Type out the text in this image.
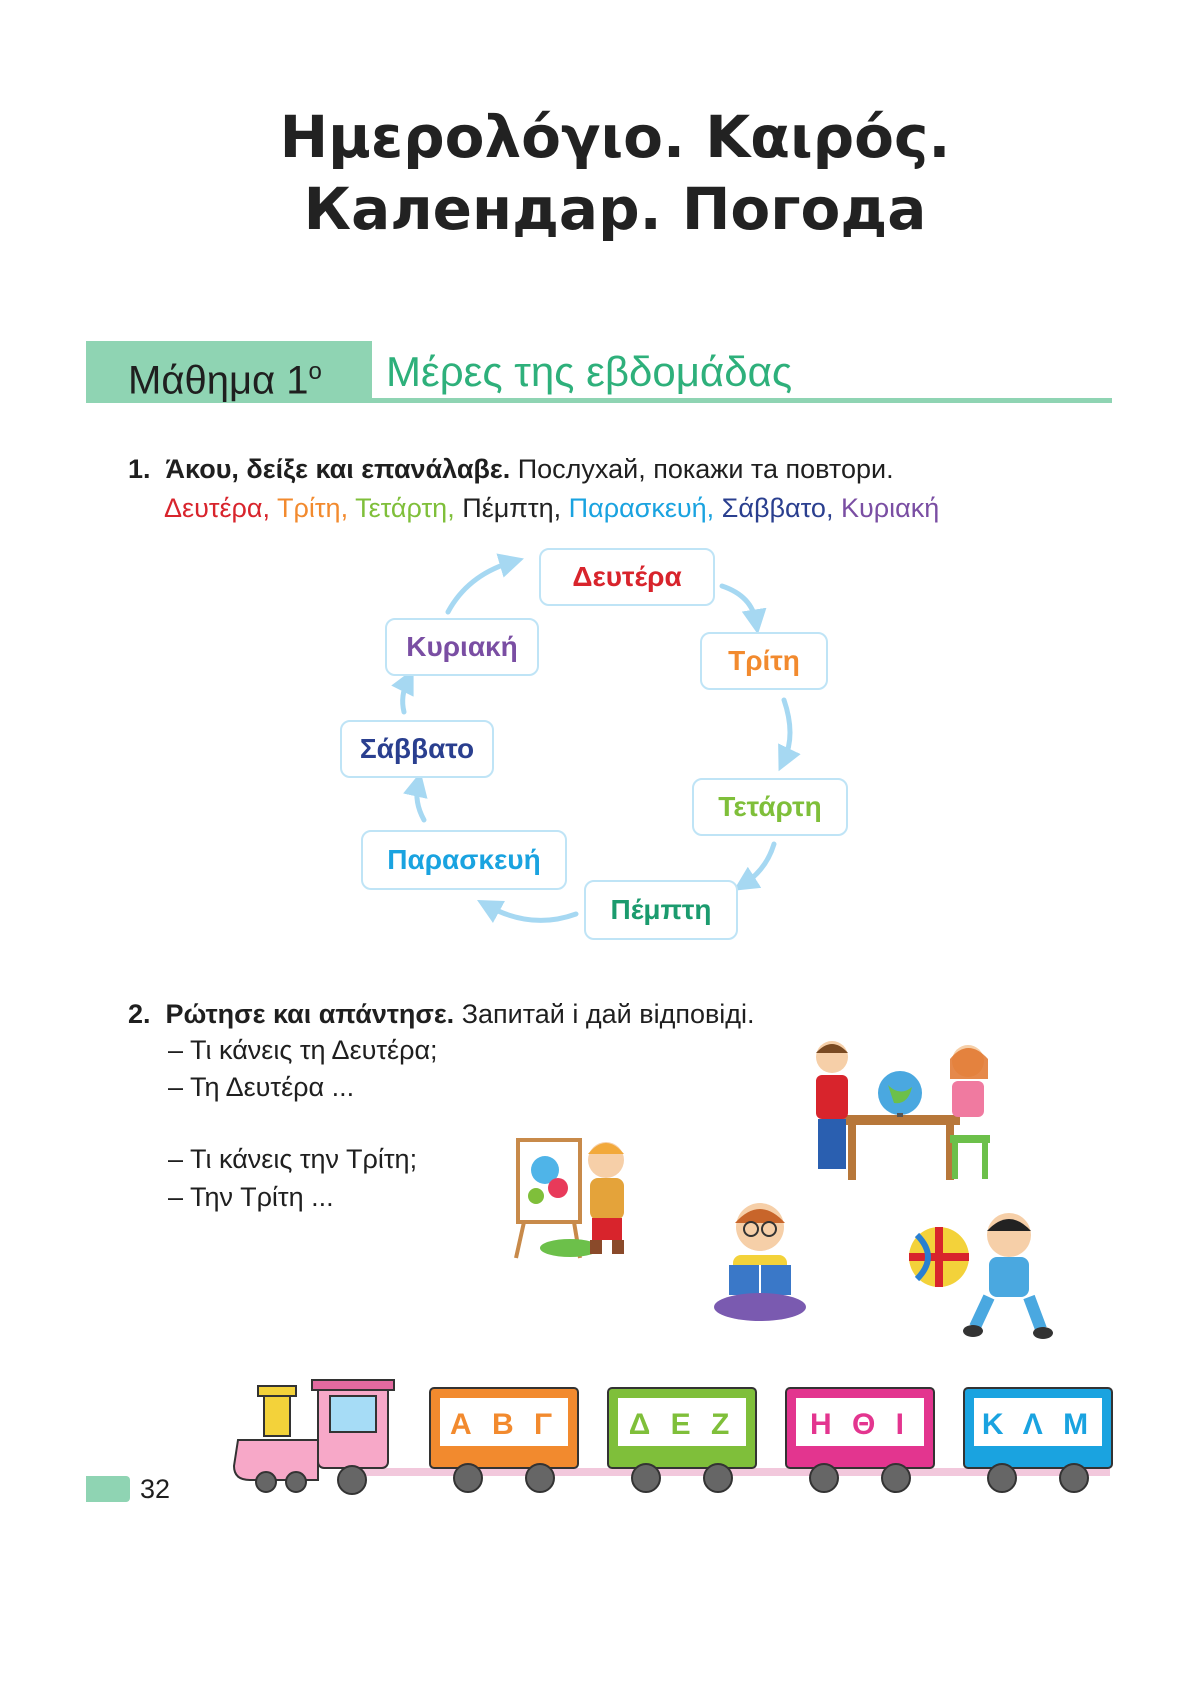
Ημερολόγιο. Καιρός.
Календар. Погода
Μάθημα $1^o$ Μέρες της εβδομάδας
1. Άκου, δείξε και επανάλαβε. Послухай, покажи та повтори.
Δευτέρα, Τρίτη, Τετάρτη, Πέμπτη, Παρασκευή, Σάββατο, Κυριακή
Δευτέρα
Τρίτη
Τετάρτη
Πέμπτη
Παρασκευή
Σάββατο
Κυριακή
2. Ρώτησε και απάντησε. Запитай і дай відповіді.
– Τι κάνεις τη Δευτέρα;
– Τη Δευτέρα ...
– Τι κάνεις την Τρίτη;
– Την Τρίτη ...
Α Β Γ Δ Ε Ζ Η Θ Ι Κ Λ Μ
32
